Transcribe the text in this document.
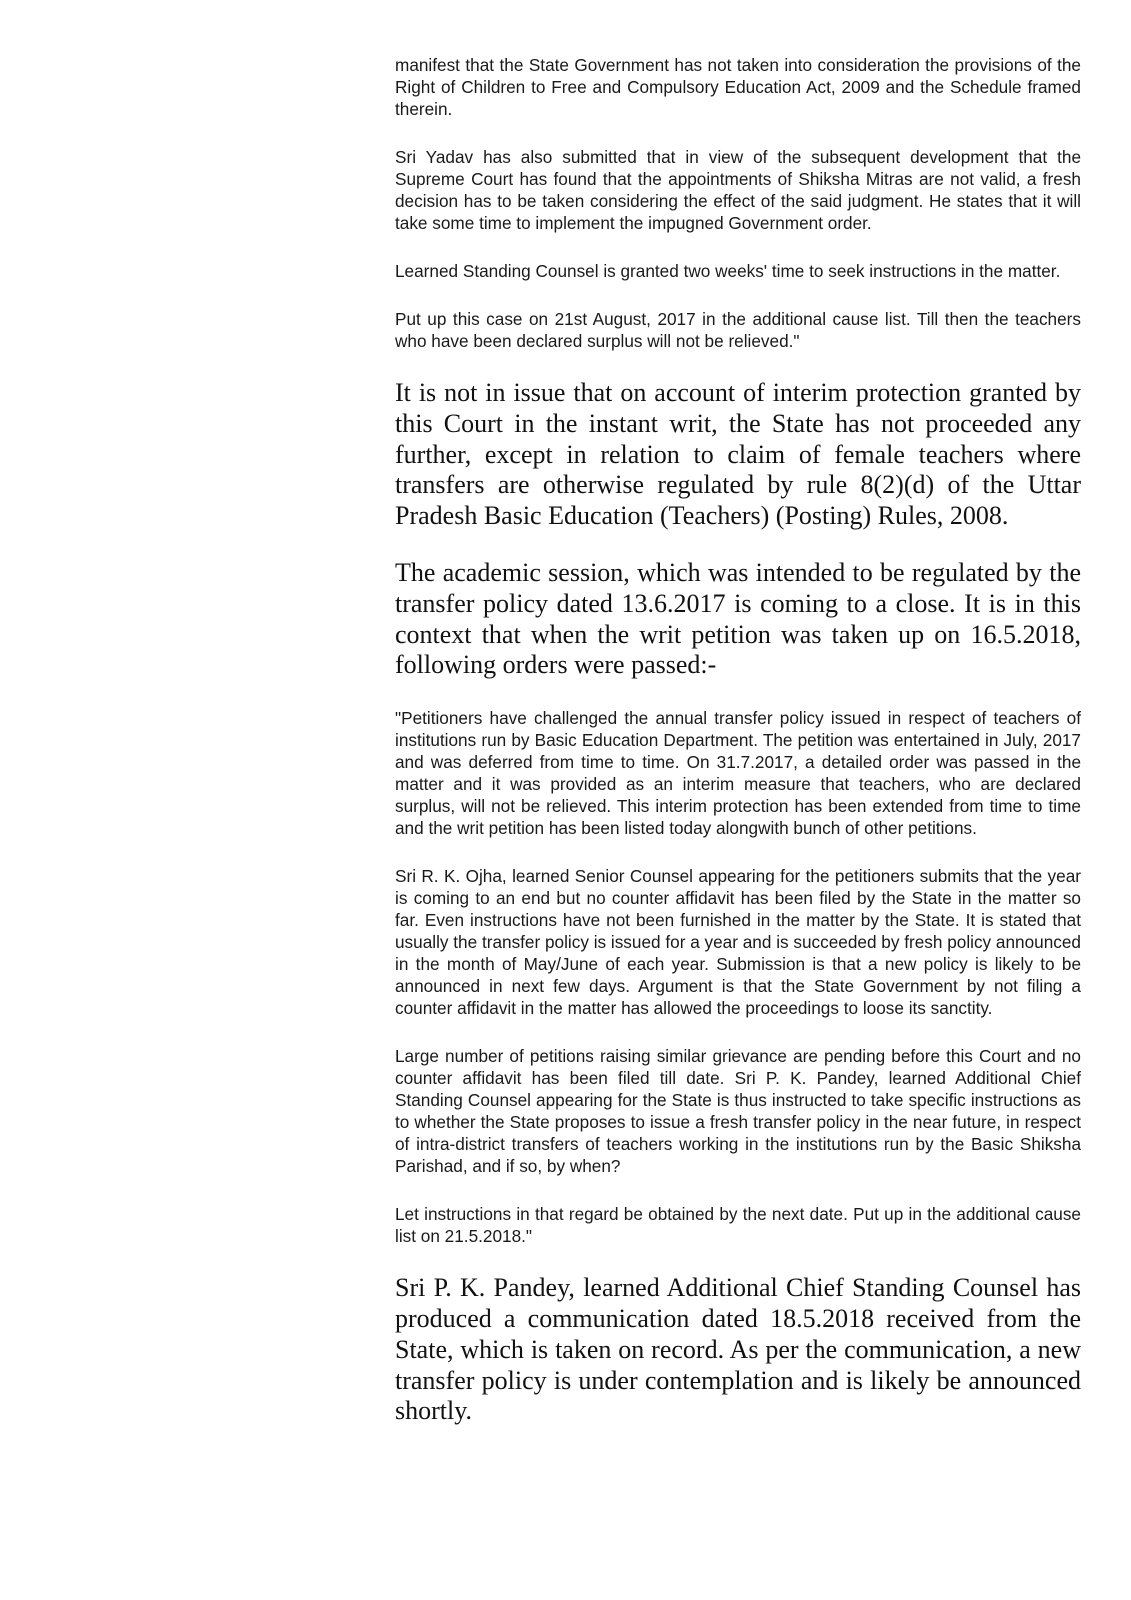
manifest that the State Government has not taken into consideration the provisions of the Right of Children to Free and Compulsory Education Act, 2009 and the Schedule framed therein.

Sri Yadav has also submitted that in view of the subsequent development that the Supreme Court has found that the appointments of Shiksha Mitras are not valid, a fresh decision has to be taken considering the effect of the said judgment. He states that it will take some time to implement the impugned Government order.

Learned Standing Counsel is granted two weeks' time to seek instructions in the matter.

Put up this case on 21st August, 2017 in the additional cause list. Till then the teachers who have been declared surplus will not be relieved."

It is not in issue that on account of interim protection granted by this Court in the instant writ, the State has not proceeded any further, except in relation to claim of female teachers where transfers are otherwise regulated by rule 8(2)(d) of the Uttar Pradesh Basic Education (Teachers) (Posting) Rules, 2008.

The academic session, which was intended to be regulated by the transfer policy dated 13.6.2017 is coming to a close. It is in this context that when the writ petition was taken up on 16.5.2018, following orders were passed:-

"Petitioners have challenged the annual transfer policy issued in respect of teachers of institutions run by Basic Education Department. The petition was entertained in July, 2017 and was deferred from time to time. On 31.7.2017, a detailed order was passed in the matter and it was provided as an interim measure that teachers, who are declared surplus, will not be relieved. This interim protection has been extended from time to time and the writ petition has been listed today alongwith bunch of other petitions.

Sri R. K. Ojha, learned Senior Counsel appearing for the petitioners submits that the year is coming to an end but no counter affidavit has been filed by the State in the matter so far. Even instructions have not been furnished in the matter by the State. It is stated that usually the transfer policy is issued for a year and is succeeded by fresh policy announced in the month of May/June of each year. Submission is that a new policy is likely to be announced in next few days. Argument is that the State Government by not filing a counter affidavit in the matter has allowed the proceedings to loose its sanctity.

Large number of petitions raising similar grievance are pending before this Court and no counter affidavit has been filed till date. Sri P. K. Pandey, learned Additional Chief Standing Counsel appearing for the State is thus instructed to take specific instructions as to whether the State proposes to issue a fresh transfer policy in the near future, in respect of intra-district transfers of teachers working in the institutions run by the Basic Shiksha Parishad, and if so, by when?

Let instructions in that regard be obtained by the next date. Put up in the additional cause list on 21.5.2018."

Sri P. K. Pandey, learned Additional Chief Standing Counsel has produced a communication dated 18.5.2018 received from the State, which is taken on record. As per the communication, a new transfer policy is under contemplation and is likely be announced shortly.
